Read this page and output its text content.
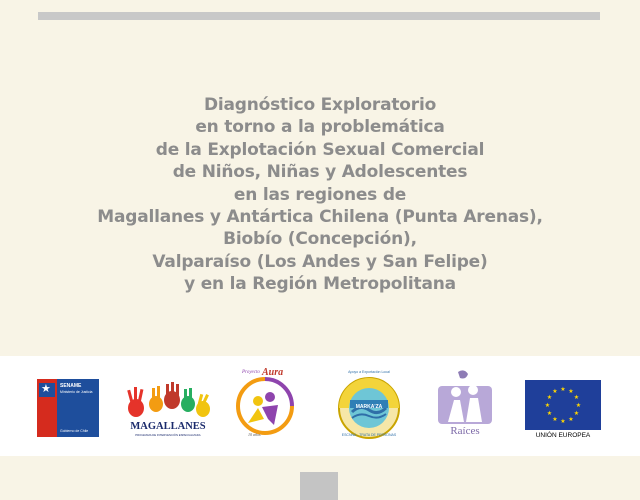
Diagnóstico Exploratorio
en torno a la problemática
de la Explotación Sexual Comercial
de Niños, Niñas y Adolescentes
en las regiones de
Magallanes y Antártica Chilena (Punta Arenas),
Biobío (Concepción),
Valparaíso (Los Andes y San Felipe)
y en la Región Metropolitana
★ SENAME
Ministerio de Justicia
Gobierno de Chile	MAGALLANES
PROGRAMA DE INTERVENCIÓN ESPECIALIZADA
Proyecto Aura
10 años
Apoyo a Exportación Local
MARKA'ZA
ESCNNA - TRATA DE PERSONAS	Raíces
★ ★
★
★
★
★
★
★
★
★
★
★
UNIÓN EUROPEA
